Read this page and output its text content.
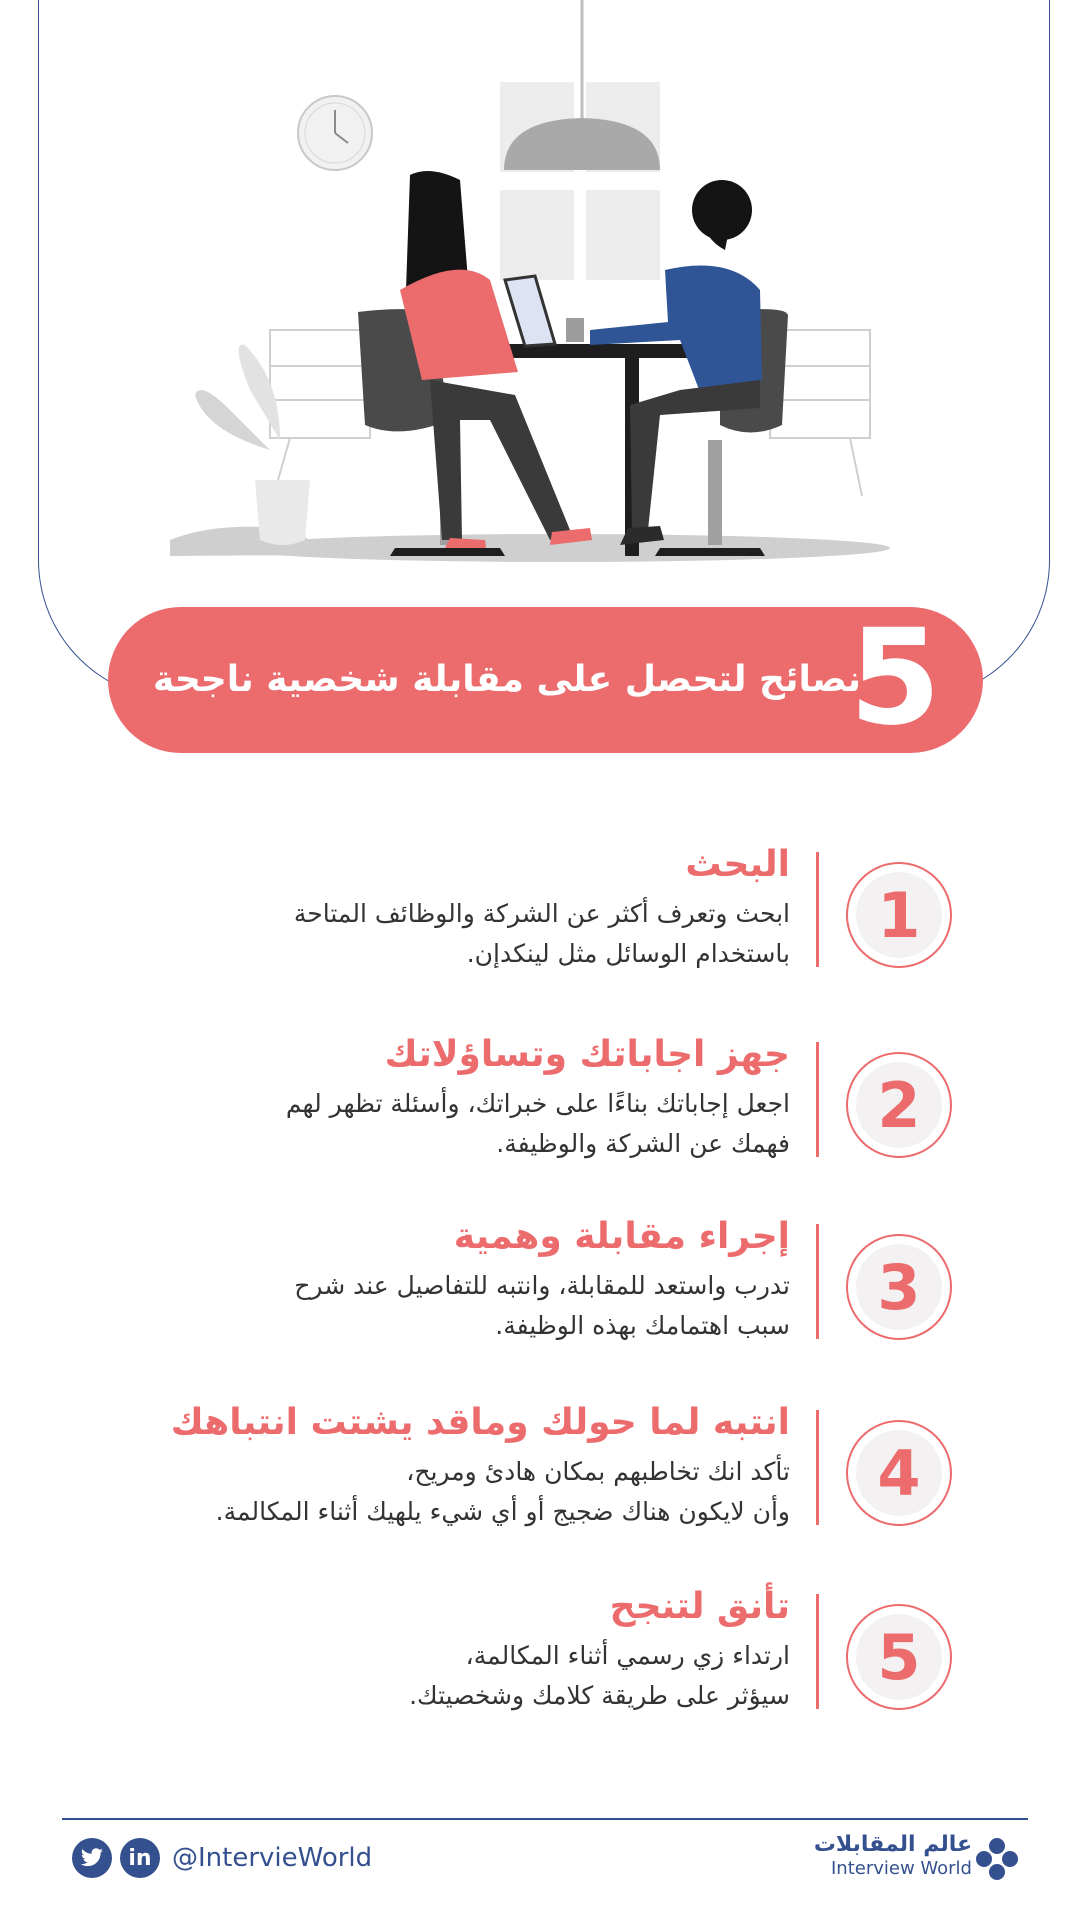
5
نصائح لتحصل على مقابلة شخصية ناجحة
1
البحث
ابحث وتعرف أكثر عن الشركة والوظائف المتاحة
باستخدام الوسائل مثل لينكدإن.
2
جهز اجاباتك وتساؤلاتك
اجعل إجاباتك بناءًا على خبراتك، وأسئلة تظهر لهم
فهمك عن الشركة والوظيفة.
3
إجراء مقابلة وهمية
تدرب واستعد للمقابلة، وانتبه للتفاصيل عند شرح
سبب اهتمامك بهذه الوظيفة.
4
انتبه لما حولك وماقد يشتت انتباهك
تأكد انك تخاطبهم بمكان هادئ ومريح،
وأن لايكون هناك ضجيج أو أي شيء يلهيك أثناء المكالمة.
5
تأنق لتنجح
ارتداء زي رسمي أثناء المكالمة،
سيؤثر على طريقة كلامك وشخصيتك.
in @IntervieWorld	عالم المقابلات
Interview World
